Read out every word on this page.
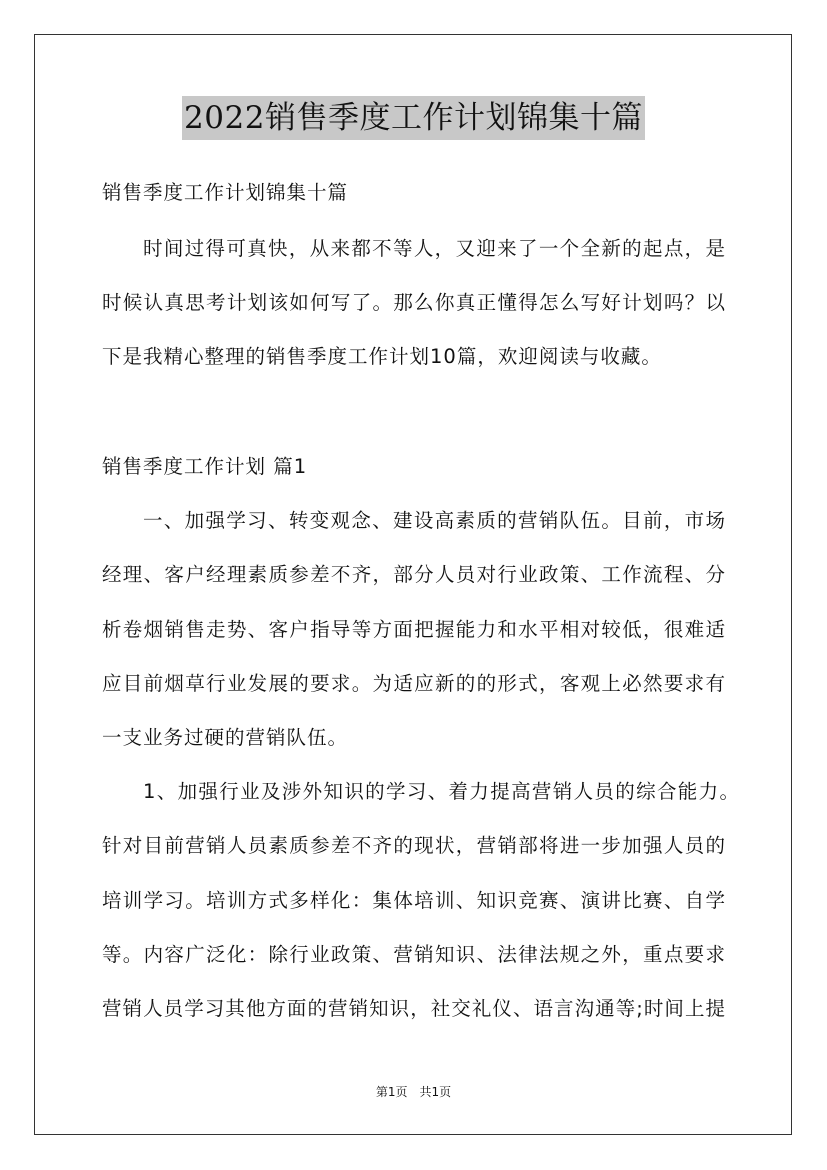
2022销售季度工作计划锦集十篇
销售季度工作计划锦集十篇
时间过得可真快，从来都不等人，又迎来了一个全新的起点，是
时候认真思考计划该如何写了。那么你真正懂得怎么写好计划吗？以
下是我精心整理的销售季度工作计划10篇，欢迎阅读与收藏。
销售季度工作计划 篇1
一、加强学习、转变观念、建设高素质的营销队伍。目前，市场
经理、客户经理素质参差不齐，部分人员对行业政策、工作流程、分
析卷烟销售走势、客户指导等方面把握能力和水平相对较低，很难适
应目前烟草行业发展的要求。为适应新的的形式，客观上必然要求有
一支业务过硬的营销队伍。
1、加强行业及涉外知识的学习、着力提高营销人员的综合能力。
针对目前营销人员素质参差不齐的现状，营销部将进一步加强人员的
培训学习。培训方式多样化：集体培训、知识竞赛、演讲比赛、自学
等。内容广泛化：除行业政策、营销知识、法律法规之外，重点要求
营销人员学习其他方面的营销知识，社交礼仪、语言沟通等;时间上提
第1页　共1页
